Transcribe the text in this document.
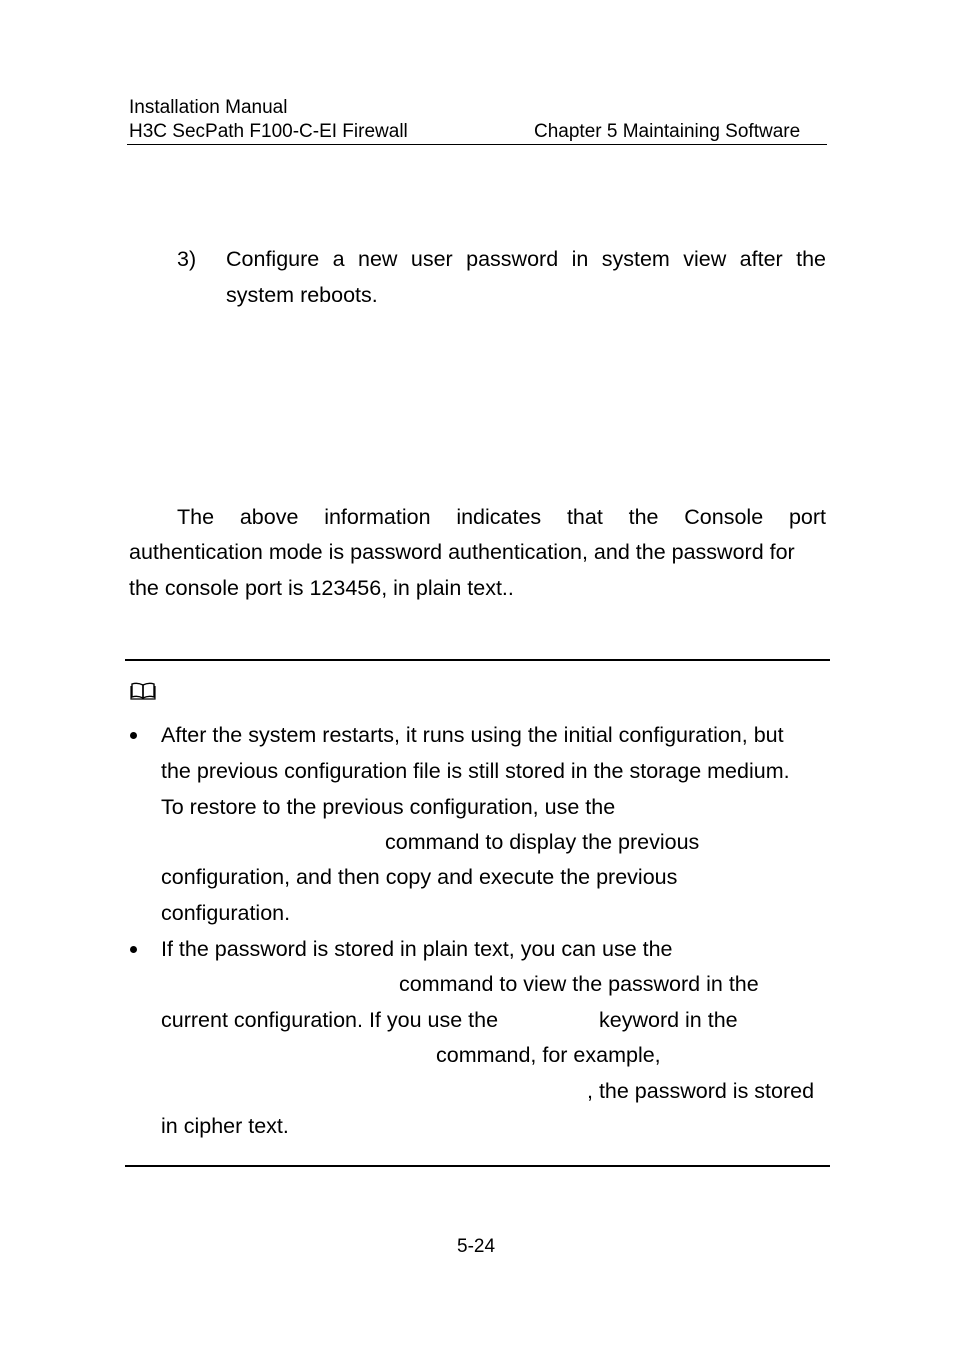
Installation Manual
H3C SecPath F100-C-EI Firewall	Chapter 5 Maintaining Software
3) Configure a new user password in system view after the
system reboots.
The above information indicates that the Console port
authentication mode is password authentication, and the password for
the console port is 123456, in plain text..
After the system restarts, it runs using the initial configuration, but
the previous configuration file is still stored in the storage medium.
To restore to the previous configuration, use the
command to display the previous
configuration, and then copy and execute the previous
configuration.
If the password is stored in plain text, you can use the
command to view the password in the
current configuration. If you use the	keyword in the
command, for example,
, the password is stored
in cipher text.
5-24
